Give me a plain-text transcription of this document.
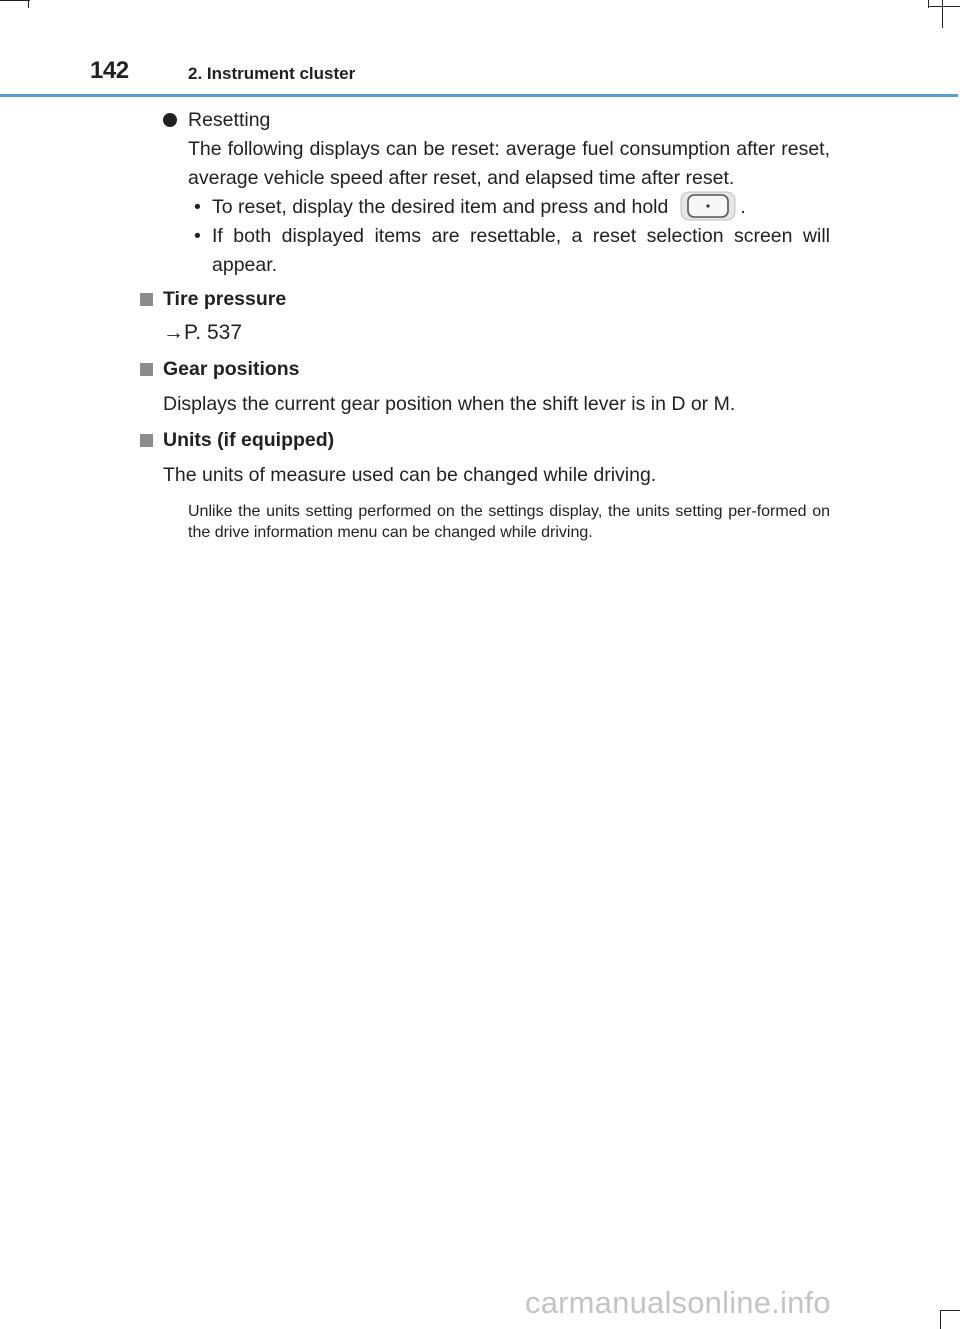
142	2. Instrument cluster
Resetting
The following displays can be reset: average fuel consumption after reset, average vehicle speed after reset, and elapsed time after reset.
• To reset, display the desired item and press and hold	.
• If both displayed items are resettable, a reset selection screen will appear.
Tire pressure
→P. 537
Gear positions
Displays the current gear position when the shift lever is in D or M.
Units (if equipped)
The units of measure used can be changed while driving.
Unlike the units setting performed on the settings display, the units setting per-formed on the drive information menu can be changed while driving.
carmanualsonline.info
